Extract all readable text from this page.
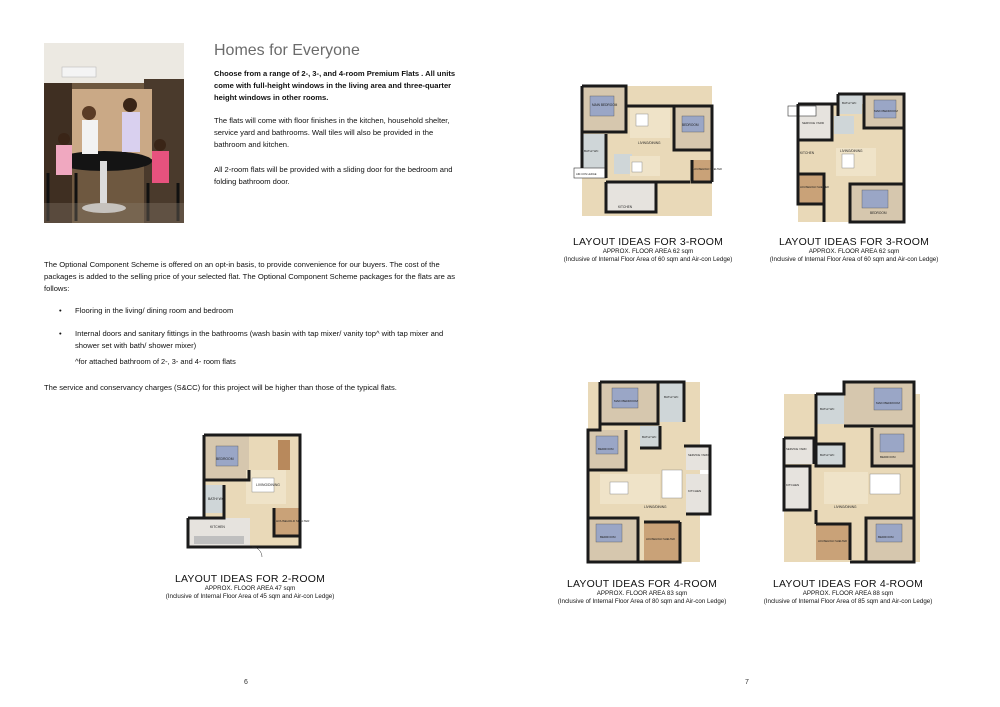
Homes for Everyone
Choose from a range of 2-, 3-, and 4-room Premium Flats . All units come with full-height windows in the living area and three-quarter height windows in other rooms.
The flats will come with floor finishes in the kitchen, household shelter, service yard and bathrooms. Wall tiles will also be provided in the bathroom and kitchen.
All 2-room flats will be provided with a sliding door for the bedroom and folding bathroom door.
The Optional Component Scheme is offered on an opt-in basis, to provide convenience for our buyers. The cost of the packages is added to the selling price of your selected flat. The Optional Component Scheme packages for the flats are as follows:
• Flooring in the living/ dining room and bedroom
• Internal doors and sanitary fittings in the bathrooms (wash basin with tap mixer/ vanity top^ with tap mixer and shower set with bath/ shower mixer)
^for attached bathroom of 2-, 3- and 4- room flats
The service and conservancy charges (S&CC) for this project will be higher than those of the typical flats.
BEDROOM
LIVING/DINING
BATH/ WC
KITCHEN
HOUSEHOLD SHELTER
LAYOUT IDEAS FOR 2-ROOM
APPROX. FLOOR AREA 47 sqm
(Inclusive of Internal Floor Area of 45 sqm and Air-con Ledge)
6
MAIN BEDROOM
BEDROOM
LIVING/DINING
BATH/ WC
KITCHEN
HOUSEHOLD SHELTER
AIR-CON LEDGE
LAYOUT IDEAS FOR 3-ROOM
APPROX. FLOOR AREA 62 sqm
(Inclusive of Internal Floor Area of 60 sqm and Air-con Ledge)
MAIN BEDROOM
SERVICE YARD
KITCHEN	LIVING/DINING
BEDROOM
HOUSEHOLD SHELTER
BATH/ WC
LAYOUT IDEAS FOR 3-ROOM
APPROX. FLOOR AREA 62 sqm
(Inclusive of Internal Floor Area of 60 sqm and Air-con Ledge)
MAIN BEDROOM
BEDROOM
BEDROOM
BATH/ WC
BATH/ WC
SERVICE YARD
KITCHEN
LIVING/DINING
HOUSEHOLD SHELTER
LAYOUT IDEAS FOR 4-ROOM
APPROX. FLOOR AREA 83 sqm
(Inclusive of Internal Floor Area of 80 sqm and Air-con Ledge)
MAIN BEDROOM
BEDROOM
BEDROOM
BATH/ WC
BATH/ WC
SERVICE YARD
KITCHEN
LIVING/DINING
HOUSEHOLD SHELTER
LAYOUT IDEAS FOR 4-ROOM
APPROX. FLOOR AREA 88 sqm
(Inclusive of Internal Floor Area of 85 sqm and Air-con Ledge)
7
